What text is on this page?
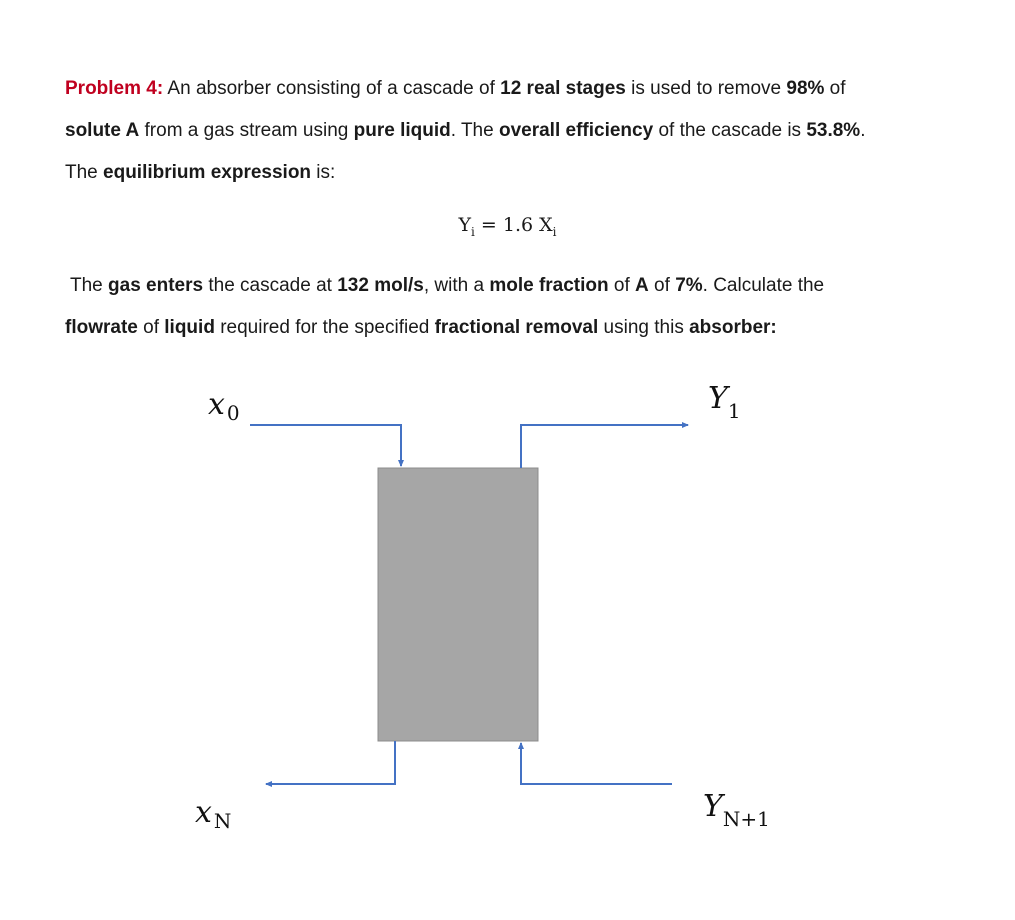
Problem 4: An absorber consisting of a cascade of 12 real stages is used to remove 98% of
solute A from a gas stream using pure liquid. The overall efficiency of the cascade is 53.8%.
The equilibrium expression is:
$Y_i = 1.6$ $X_i$
The gas enters the cascade at 132 mol/s, with a mole fraction of A of 7%. Calculate the
flowrate of liquid required for the specified fractional removal using this absorber:
x 0	Y1
x N	YN+1
